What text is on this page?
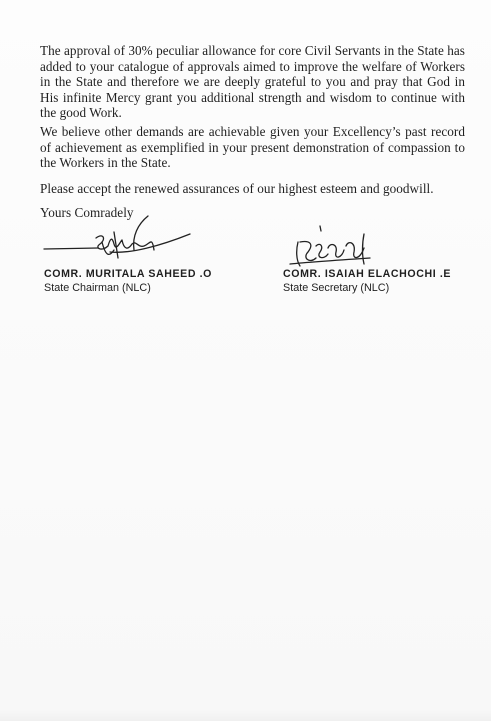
The approval of 30% peculiar allowance for core Civil Servants in the State has added to your catalogue of approvals aimed to improve the welfare of Workers in the State and therefore we are deeply grateful to you and pray that God in His infinite Mercy grant you additional strength and wisdom to continue with the good Work.

We believe other demands are achievable given your Excellency’s past record of achievement as exemplified in your present demonstration of compassion to the Workers in the State.

Please accept the renewed assurances of our highest esteem and goodwill.

Yours Comradely

COMR. MURITALA SAHEED .O
State Chairman (NLC)
COMR. ISAIAH ELACHOCHI .E
State Secretary (NLC)
